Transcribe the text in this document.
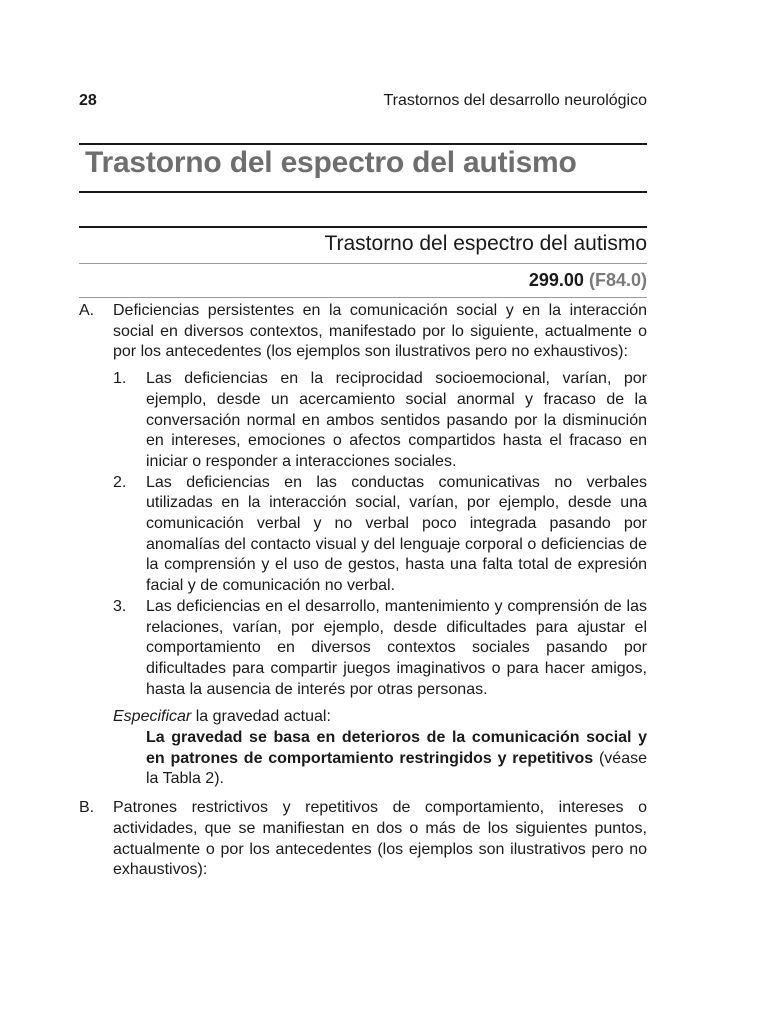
28	Trastornos del desarrollo neurológico
Trastorno del espectro del autismo
Trastorno del espectro del autismo
299.00 (F84.0)
A. Deficiencias persistentes en la comunicación social y en la interacción social en diversos contextos, manifestado por lo siguiente, actualmente o por los antecedentes (los ejemplos son ilustrativos pero no exhaustivos):

1. Las deficiencias en la reciprocidad socioemocional, varían, por ejemplo, desde un acercamiento social anormal y fracaso de la conversación normal en ambos sentidos pasando por la disminución en intereses, emociones o afectos compartidos hasta el fracaso en iniciar o responder a interacciones sociales.

2. Las deficiencias en las conductas comunicativas no verbales utilizadas en la interacción social, varían, por ejemplo, desde una comunicación verbal y no verbal poco integrada pasando por anomalías del contacto visual y del lenguaje corporal o deficiencias de la comprensión y el uso de gestos, hasta una falta total de expresión facial y de comunicación no verbal.

3. Las deficiencias en el desarrollo, mantenimiento y comprensión de las relaciones, varían, por ejemplo, desde dificultades para ajustar el comportamiento en diversos contextos sociales pasando por dificultades para compartir juegos imaginativos o para hacer amigos, hasta la ausencia de interés por otras personas.

Especificar la gravedad actual:

La gravedad se basa en deterioros de la comunicación social y en patrones de comportamiento restringidos y repetitivos (véase la Tabla 2).

B. Patrones restrictivos y repetitivos de comportamiento, intereses o actividades, que se manifiestan en dos o más de los siguientes puntos, actualmente o por los antecedentes (los ejemplos son ilustrativos pero no exhaustivos):
